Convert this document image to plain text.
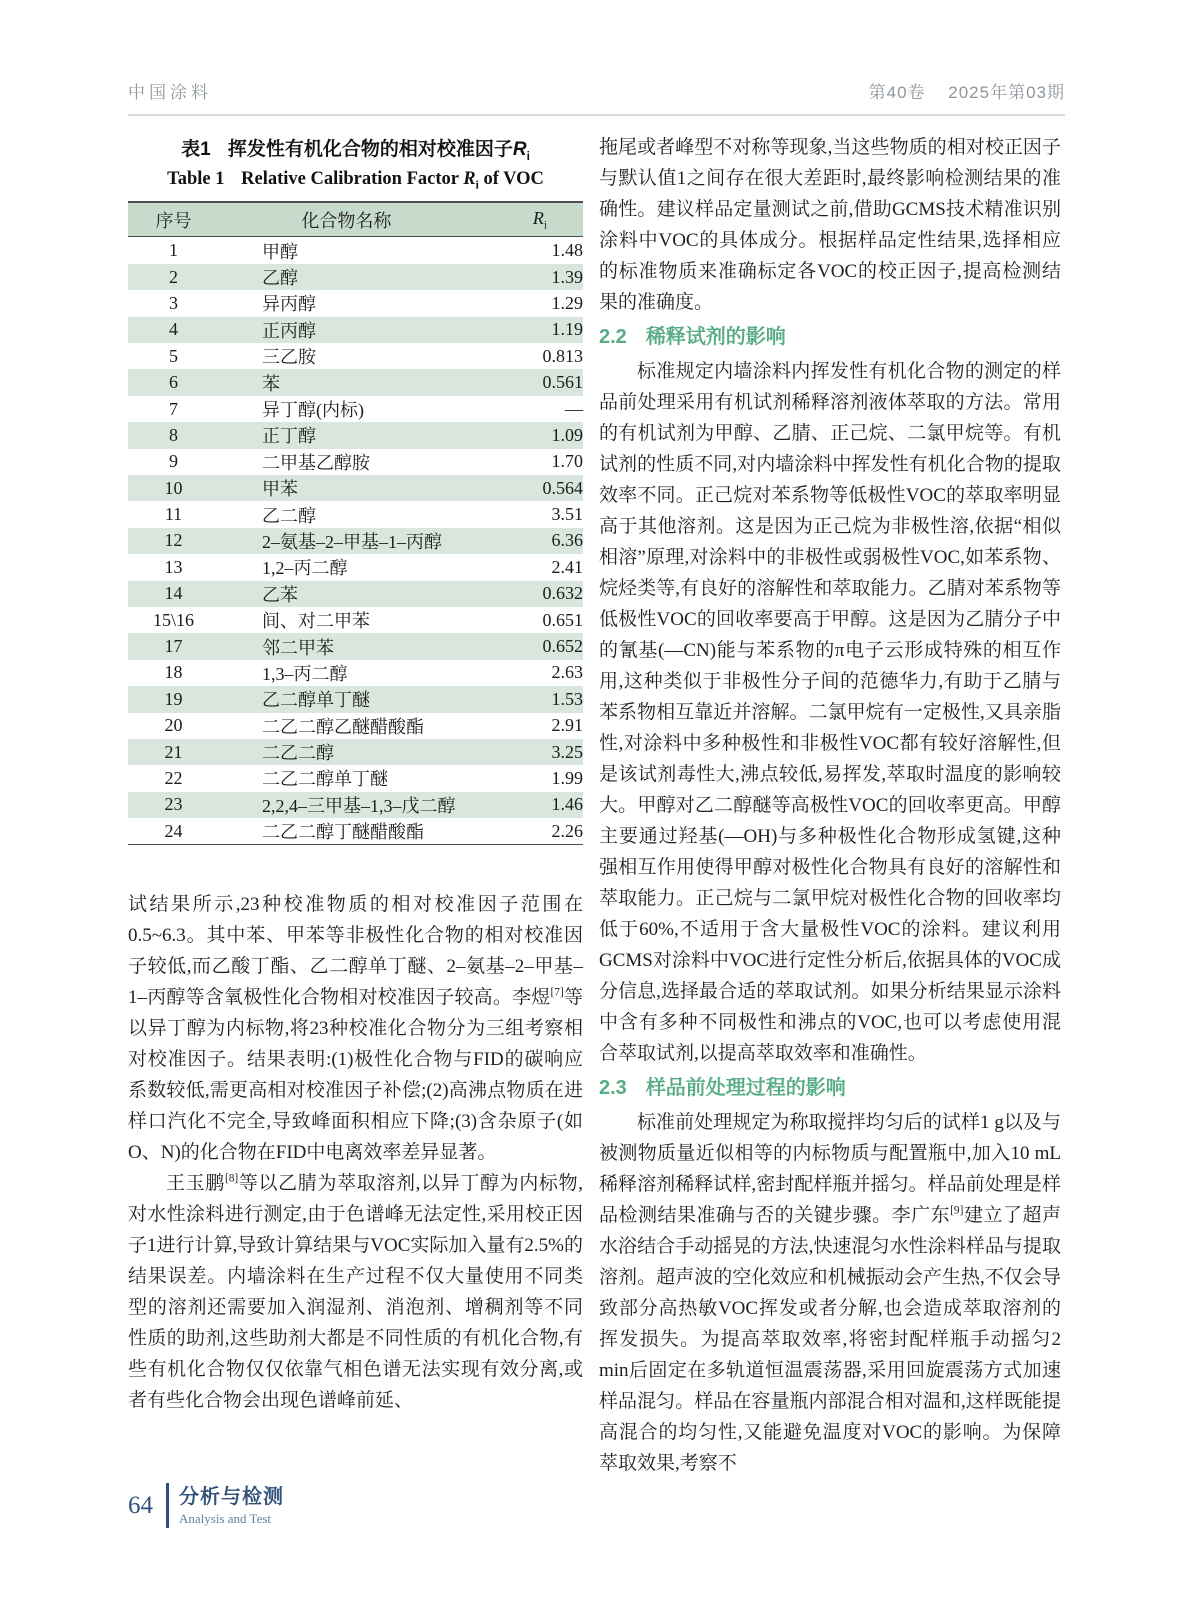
中国涂料	第40卷 2025年第03期
表1 挥发性有机化合物的相对校准因子$R_i$
Table 1 Relative Calibration Factor $R_i$ of VOC
序号	化合物名称	$R_i$
1	甲醇	1.48
2	乙醇	1.39
3	异丙醇	1.29
4	正丙醇	1.19
5	三乙胺	0.813
6	苯	0.561
7	异丁醇(内标)	—
8	正丁醇	1.09
9	二甲基乙醇胺	1.70
10	甲苯	0.564
11	乙二醇	3.51
12	2–氨基–2–甲基–1–丙醇	6.36
13	1,2–丙二醇	2.41
14	乙苯	0.632
15\16	间、对二甲苯	0.651
17	邻二甲苯	0.652
18	1,3–丙二醇	2.63
19	乙二醇单丁醚	1.53
20	二乙二醇乙醚醋酸酯	2.91
21	二乙二醇	3.25
22	二乙二醇单丁醚	1.99
23	2,2,4–三甲基–1,3–戊二醇	1.46
24	二乙二醇丁醚醋酸酯	2.26

试结果所示,23种校准物质的相对校准因子范围在0.5~6.3。其中苯、甲苯等非极性化合物的相对校准因子较低,而乙酸丁酯、乙二醇单丁醚、2–氨基–2–甲基–1–丙醇等含氧极性化合物相对校准因子较高。李煜[7]等以异丁醇为内标物,将23种校准化合物分为三组考察相对校准因子。结果表明:(1)极性化合物与FID的碳响应系数较低,需更高相对校准因子补偿;(2)高沸点物质在进样口汽化不完全,导致峰面积相应下降;(3)含杂原子(如O、N)的化合物在FID中电离效率差异显著。

王玉鹏[8]等以乙腈为萃取溶剂,以异丁醇为内标物,对水性涂料进行测定,由于色谱峰无法定性,采用校正因子1进行计算,导致计算结果与VOC实际加入量有2.5%的结果误差。内墙涂料在生产过程不仅大量使用不同类型的溶剂还需要加入润湿剂、消泡剂、增稠剂等不同性质的助剂,这些助剂大都是不同性质的有机化合物,有些有机化合物仅仅依靠气相色谱无法实现有效分离,或者有些化合物会出现色谱峰前延、

拖尾或者峰型不对称等现象,当这些物质的相对校正因子与默认值1之间存在很大差距时,最终影响检测结果的准确性。建议样品定量测试之前,借助GCMS技术精准识别涂料中VOC的具体成分。根据样品定性结果,选择相应的标准物质来准确标定各VOC的校正因子,提高检测结果的准确度。

2.2 稀释试剂的影响

标准规定内墙涂料内挥发性有机化合物的测定的样品前处理采用有机试剂稀释溶剂液体萃取的方法。常用的有机试剂为甲醇、乙腈、正己烷、二氯甲烷等。有机试剂的性质不同,对内墙涂料中挥发性有机化合物的提取效率不同。正己烷对苯系物等低极性VOC的萃取率明显高于其他溶剂。这是因为正己烷为非极性溶,依据“相似相溶”原理,对涂料中的非极性或弱极性VOC,如苯系物、烷烃类等,有良好的溶解性和萃取能力。乙腈对苯系物等低极性VOC的回收率要高于甲醇。这是因为乙腈分子中的氰基(—CN)能与苯系物的π电子云形成特殊的相互作用,这种类似于非极性分子间的范德华力,有助于乙腈与苯系物相互靠近并溶解。二氯甲烷有一定极性,又具亲脂性,对涂料中多种极性和非极性VOC都有较好溶解性,但是该试剂毒性大,沸点较低,易挥发,萃取时温度的影响较大。甲醇对乙二醇醚等高极性VOC的回收率更高。甲醇主要通过羟基(—OH)与多种极性化合物形成氢键,这种强相互作用使得甲醇对极性化合物具有良好的溶解性和萃取能力。正己烷与二氯甲烷对极性化合物的回收率均低于60%,不适用于含大量极性VOC的涂料。建议利用GCMS对涂料中VOC进行定性分析后,依据具体的VOC成分信息,选择最合适的萃取试剂。如果分析结果显示涂料中含有多种不同极性和沸点的VOC,也可以考虑使用混合萃取试剂,以提高萃取效率和准确性。

2.3 样品前处理过程的影响

标准前处理规定为称取搅拌均匀后的试样1 g以及与被测物质量近似相等的内标物质与配置瓶中,加入10 mL稀释溶剂稀释试样,密封配样瓶并摇匀。样品前处理是样品检测结果准确与否的关键步骤。李广东[9]建立了超声水浴结合手动摇晃的方法,快速混匀水性涂料样品与提取溶剂。超声波的空化效应和机械振动会产生热,不仅会导致部分高热敏VOC挥发或者分解,也会造成萃取溶剂的挥发损失。为提高萃取效率,将密封配样瓶手动摇匀2 min后固定在多轨道恒温震荡器,采用回旋震荡方式加速样品混匀。样品在容量瓶内部混合相对温和,这样既能提高混合的均匀性,又能避免温度对VOC的影响。为保障萃取效果,考察不

64 分析与检测
Analysis and Test
